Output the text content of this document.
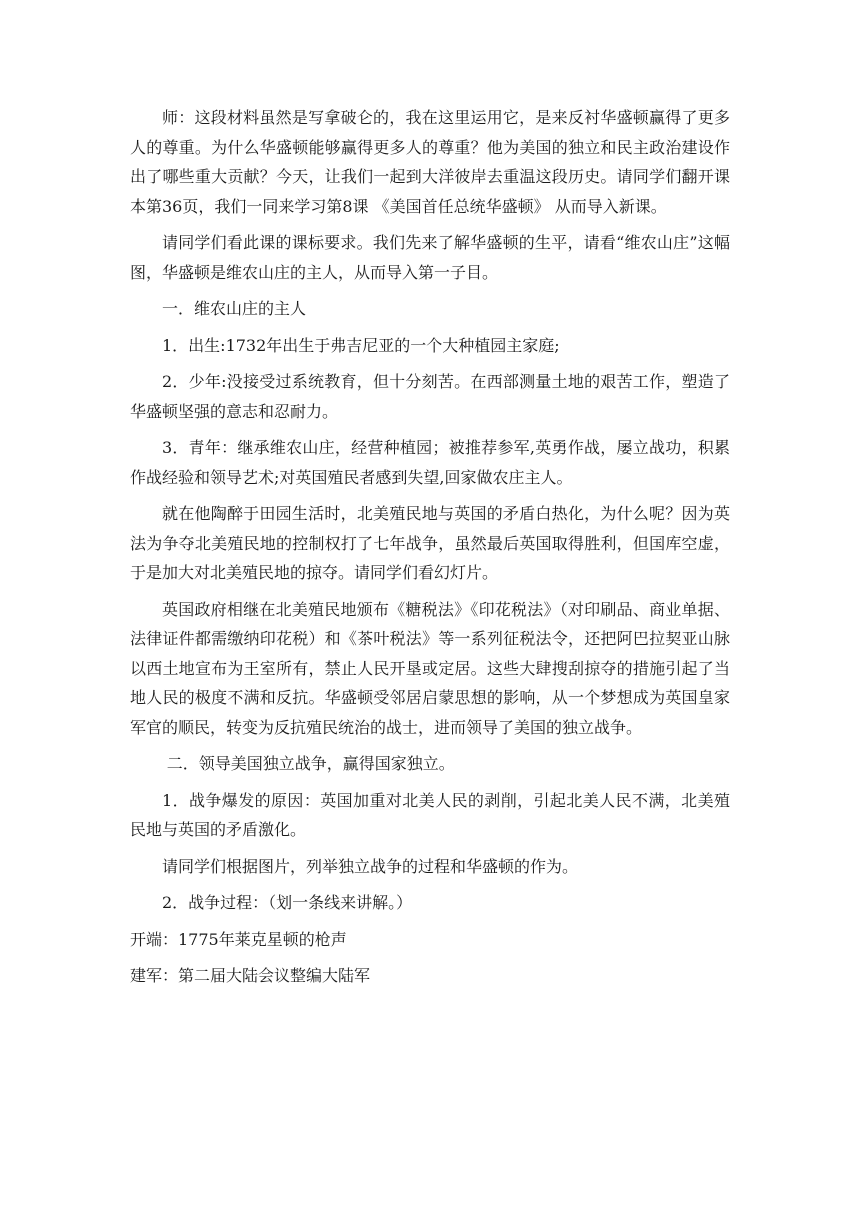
师：这段材料虽然是写拿破仑的，我在这里运用它，是来反衬华盛顿赢得了更多人的尊重。为什么华盛顿能够赢得更多人的尊重？他为美国的独立和民主政治建设作出了哪些重大贡献？今天，让我们一起到大洋彼岸去重温这段历史。请同学们翻开课本第36页，我们一同来学习第8课 《美国首任总统华盛顿》 从而导入新课。

请同学们看此课的课标要求。我们先来了解华盛顿的生平，请看“维农山庄”这幅图，华盛顿是维农山庄的主人，从而导入第一子目。

一．维农山庄的主人

1．出生:1732年出生于弗吉尼亚的一个大种植园主家庭;

2．少年:没接受过系统教育，但十分刻苦。在西部测量土地的艰苦工作，塑造了华盛顿坚强的意志和忍耐力。

3．青年：继承维农山庄，经营种植园；被推荐参军,英勇作战，屡立战功，积累作战经验和领导艺术;对英国殖民者感到失望,回家做农庄主人。

就在他陶醉于田园生活时，北美殖民地与英国的矛盾白热化，为什么呢？因为英法为争夺北美殖民地的控制权打了七年战争，虽然最后英国取得胜利，但国库空虚，于是加大对北美殖民地的掠夺。请同学们看幻灯片。

英国政府相继在北美殖民地颁布《糖税法》《印花税法》（对印刷品、商业单据、法律证件都需缴纳印花税）和《茶叶税法》等一系列征税法令，还把阿巴拉契亚山脉以西土地宣布为王室所有，禁止人民开垦或定居。这些大肆搜刮掠夺的措施引起了当地人民的极度不满和反抗。华盛顿受邻居启蒙思想的影响，从一个梦想成为英国皇家军官的顺民，转变为反抗殖民统治的战士，进而领导了美国的独立战争。

二．领导美国独立战争，赢得国家独立。

1．战争爆发的原因：英国加重对北美人民的剥削，引起北美人民不满，北美殖民地与英国的矛盾激化。

请同学们根据图片，列举独立战争的过程和华盛顿的作为。

2．战争过程：（划一条线来讲解。）

开端：1775年莱克星顿的枪声

建军：第二届大陆会议整编大陆军
